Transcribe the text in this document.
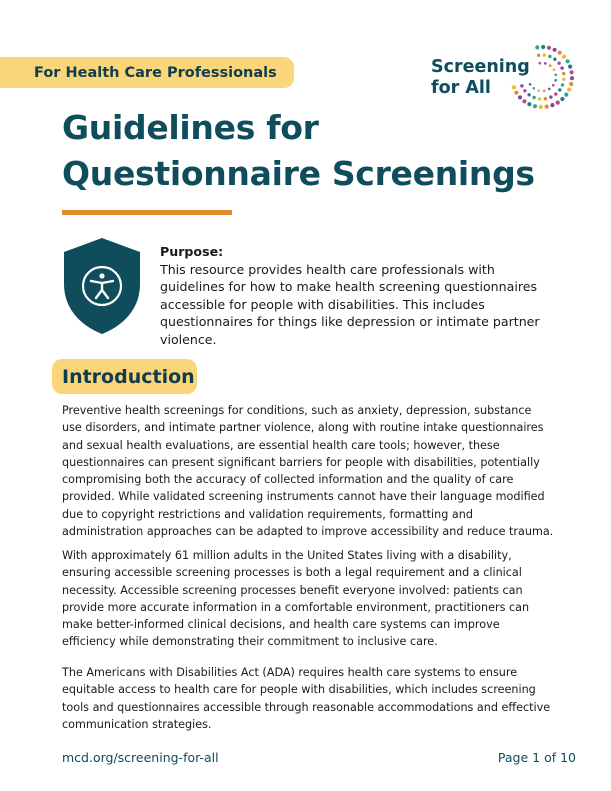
For Health Care Professionals	Screening
for All
Guidelines for
Questionnaire Screenings
Purpose:
This resource provides health care professionals with guidelines for how to make health screening questionnaires accessible for people with disabilities. This includes questionnaires for things like depression or intimate partner violence.
Introduction

Preventive health screenings for conditions, such as anxiety, depression, substance use disorders, and intimate partner violence, along with routine intake questionnaires and sexual health evaluations, are essential health care tools; however, these questionnaires can present significant barriers for people with disabilities, potentially compromising both the accuracy of collected information and the quality of care provided. While validated screening instruments cannot have their language modified due to copyright restrictions and validation requirements, formatting and administration approaches can be adapted to improve accessibility and reduce trauma.

With approximately 61 million adults in the United States living with a disability, ensuring accessible screening processes is both a legal requirement and a clinical necessity. Accessible screening processes benefit everyone involved: patients can provide more accurate information in a comfortable environment, practitioners can make better-informed clinical decisions, and health care systems can improve efficiency while demonstrating their commitment to inclusive care.

The Americans with Disabilities Act (ADA) requires health care systems to ensure equitable access to health care for people with disabilities, which includes screening tools and questionnaires accessible through reasonable accommodations and effective communication strategies.

mcd.org/screening-for-all	Page 1 of 10
